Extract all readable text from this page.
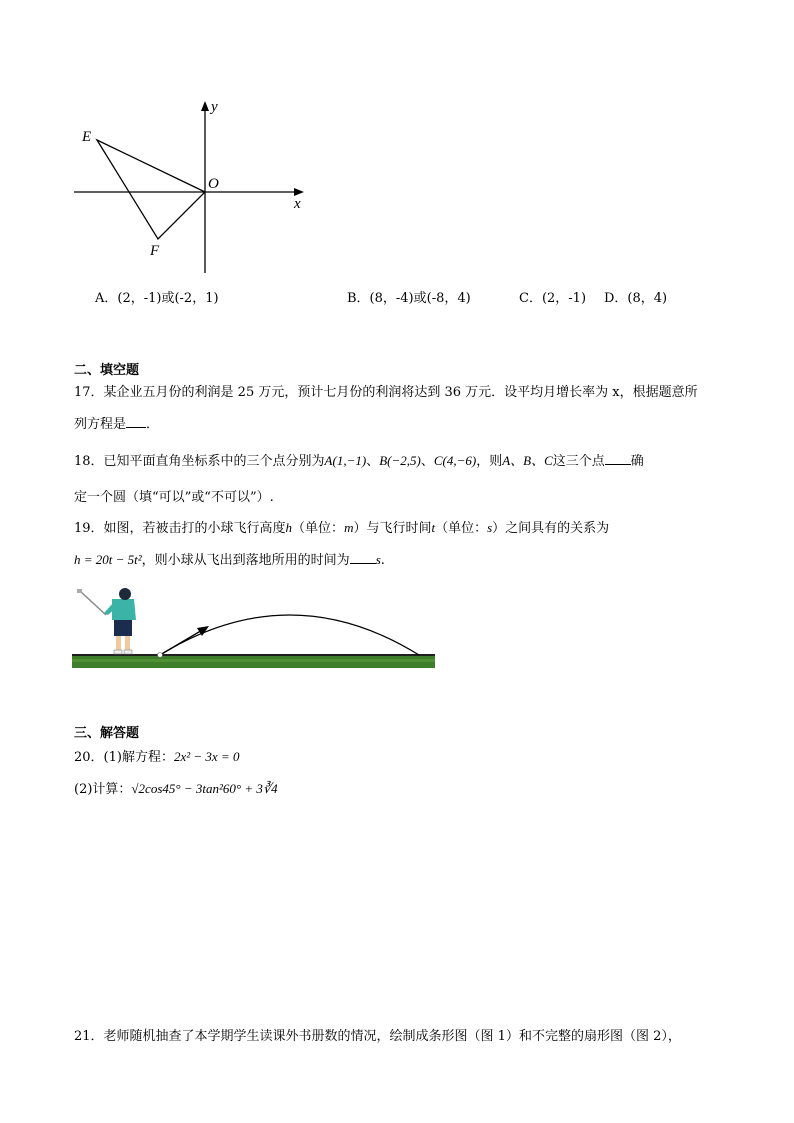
y
E
O
x
F
A．(2，-1)或(-2，1)	B．(8，-4)或(-8，4)	C．(2，-1) D．(8，4)
二、填空题
17．某企业五月份的利润是 25 万元，预计七月份的利润将达到 36 万元．设平均月增长率为 x，根据题意所
列方程是 ．
18．已知平面直角坐标系中的三个点分别为A(1,−1)、B(−2,5)、C(4,−6)，则A、B、C这三个点 确
定一个圆（填“可以”或“不可以”）.
19．如图，若被击打的小球飞行高度h（单位：m）与飞行时间t（单位：s）之间具有的关系为
h = 20t − 5t²，则小球从飞出到落地所用的时间为 s.
三、解答题
20．(1)解方程：2x² − 3x = 0
(2)计算：√2cos45° − 3tan²60° + 3∛4
21．老师随机抽查了本学期学生读课外书册数的情况，绘制成条形图（图 1）和不完整的扇形图（图 2），
